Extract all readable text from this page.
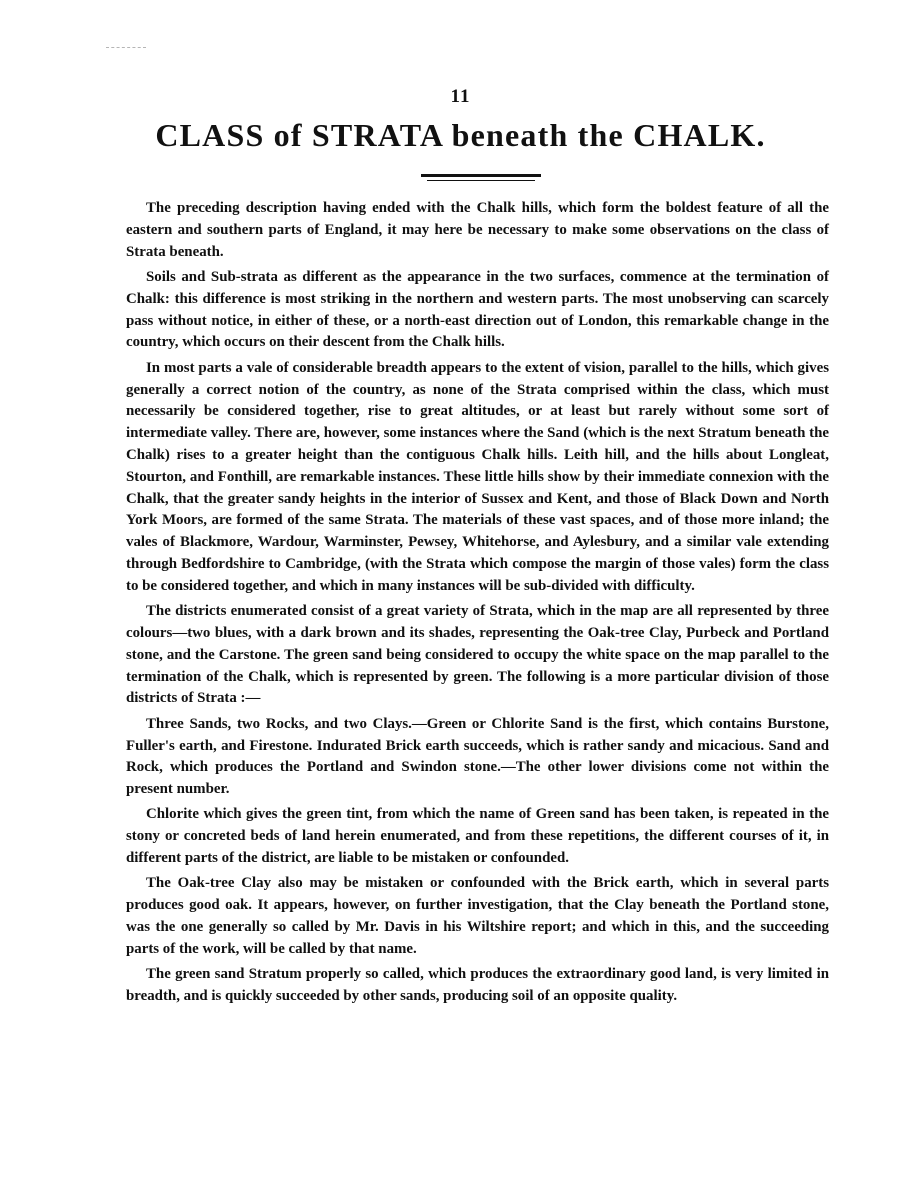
11
CLASS of STRATA beneath the CHALK.

The preceding description having ended with the Chalk hills, which form the boldest feature of all the eastern and southern parts of England, it may here be necessary to make some observations on the class of Strata beneath.

Soils and Sub-strata as different as the appearance in the two surfaces, commence at the termination of Chalk: this difference is most striking in the northern and western parts. The most unobserving can scarcely pass without notice, in either of these, or a north-east direction out of London, this remarkable change in the country, which occurs on their descent from the Chalk hills.

In most parts a vale of considerable breadth appears to the extent of vision, parallel to the hills, which gives generally a correct notion of the country, as none of the Strata comprised within the class, which must necessarily be considered together, rise to great altitudes, or at least but rarely without some sort of intermediate valley. There are, however, some instances where the Sand (which is the next Stratum beneath the Chalk) rises to a greater height than the contiguous Chalk hills. Leith hill, and the hills about Longleat, Stourton, and Fonthill, are remarkable instances. These little hills show by their immediate connexion with the Chalk, that the greater sandy heights in the interior of Sussex and Kent, and those of Black Down and North York Moors, are formed of the same Strata. The materials of these vast spaces, and of those more inland; the vales of Blackmore, Wardour, Warminster, Pewsey, Whitehorse, and Aylesbury, and a similar vale extending through Bedfordshire to Cambridge, (with the Strata which compose the margin of those vales) form the class to be considered together, and which in many instances will be sub-divided with difficulty.

The districts enumerated consist of a great variety of Strata, which in the map are all represented by three colours—two blues, with a dark brown and its shades, representing the Oak-tree Clay, Purbeck and Portland stone, and the Carstone. The green sand being considered to occupy the white space on the map parallel to the termination of the Chalk, which is represented by green. The following is a more particular division of those districts of Strata :—

Three Sands, two Rocks, and two Clays.—Green or Chlorite Sand is the first, which contains Burstone, Fuller's earth, and Firestone. Indurated Brick earth succeeds, which is rather sandy and micacious. Sand and Rock, which produces the Portland and Swindon stone.—The other lower divisions come not within the present number.

Chlorite which gives the green tint, from which the name of Green sand has been taken, is repeated in the stony or concreted beds of land herein enumerated, and from these repetitions, the different courses of it, in different parts of the district, are liable to be mistaken or confounded.

The Oak-tree Clay also may be mistaken or confounded with the Brick earth, which in several parts produces good oak. It appears, however, on further investigation, that the Clay beneath the Portland stone, was the one generally so called by Mr. Davis in his Wiltshire report; and which in this, and the succeeding parts of the work, will be called by that name.

The green sand Stratum properly so called, which produces the extraordinary good land, is very limited in breadth, and is quickly succeeded by other sands, producing soil of an opposite quality.
